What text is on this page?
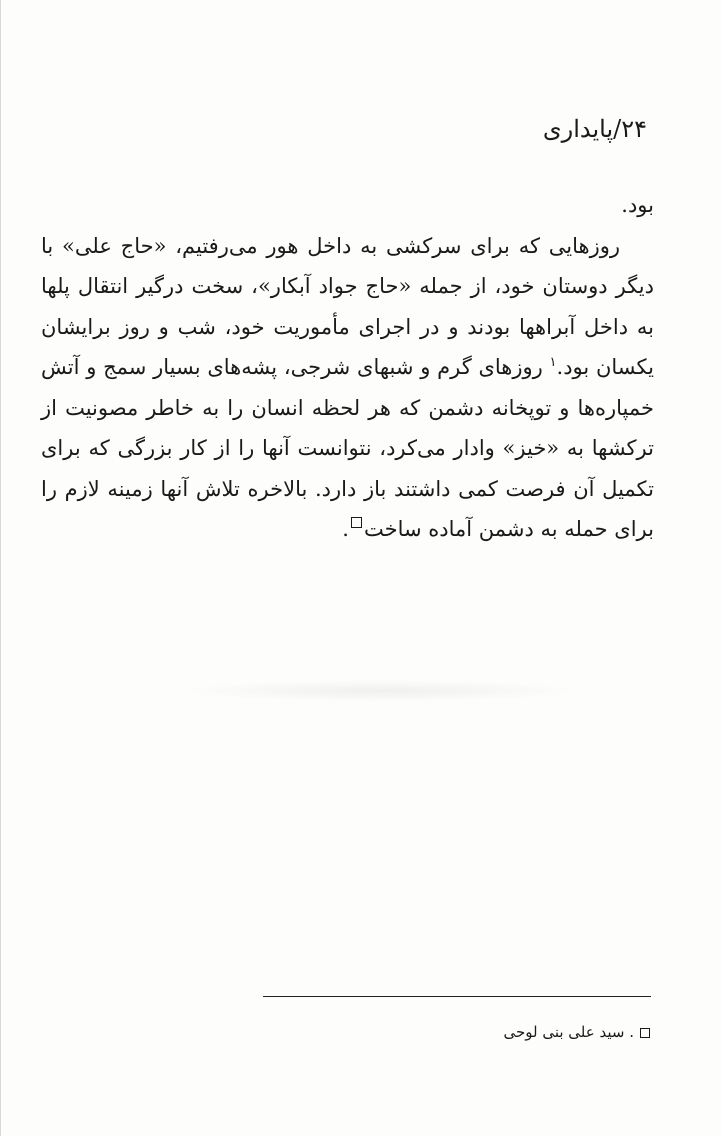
۲۴/پایداری

بود.

روزهایی که برای سرکشی به داخل هور می‌رفتیم، «حاج علی» با دیگر دوستان خود، از جمله «حاج جواد آبکار»، سخت درگیر انتقال پلها به داخل آبراهها بودند و در اجرای مأموریت خود، شب و روز برایشان یکسان بود.$^۱$ روزهای گرم و شبهای شرجی، پشه‌های بسیار سمج و آتش خمپاره‌ها و توپخانه دشمن که هر لحظه انسان را به خاطر مصونیت از ترکشها به «خیز» وادار می‌کرد، نتوانست آنها را از کار بزرگی که برای تکمیل آن فرصت کمی داشتند باز دارد. بالاخره تلاش آنها زمینه لازم را برای حمله به دشمن آماده ساخت.

. سید علی بنی لوحی
